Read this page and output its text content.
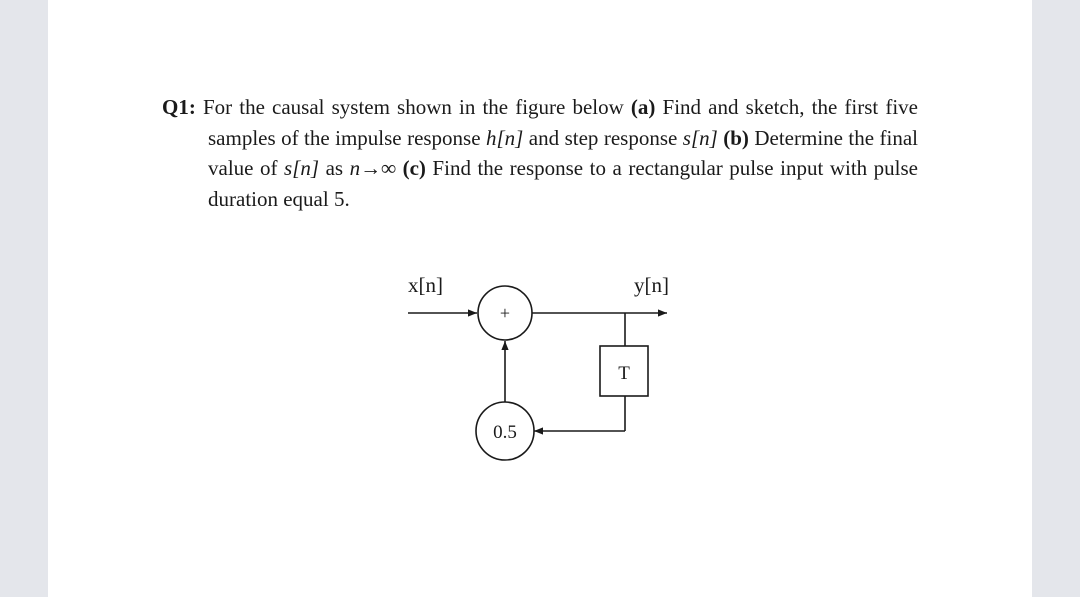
Q1: For the causal system shown in the figure below (a) Find and sketch, the first five samples of the impulse response h[n] and step response s[n] (b) Determine the final value of s[n] as n→∞ (c) Find the response to a rectangular pulse input with pulse duration equal 5.

+
T
0.5
x[n]	y[n]
